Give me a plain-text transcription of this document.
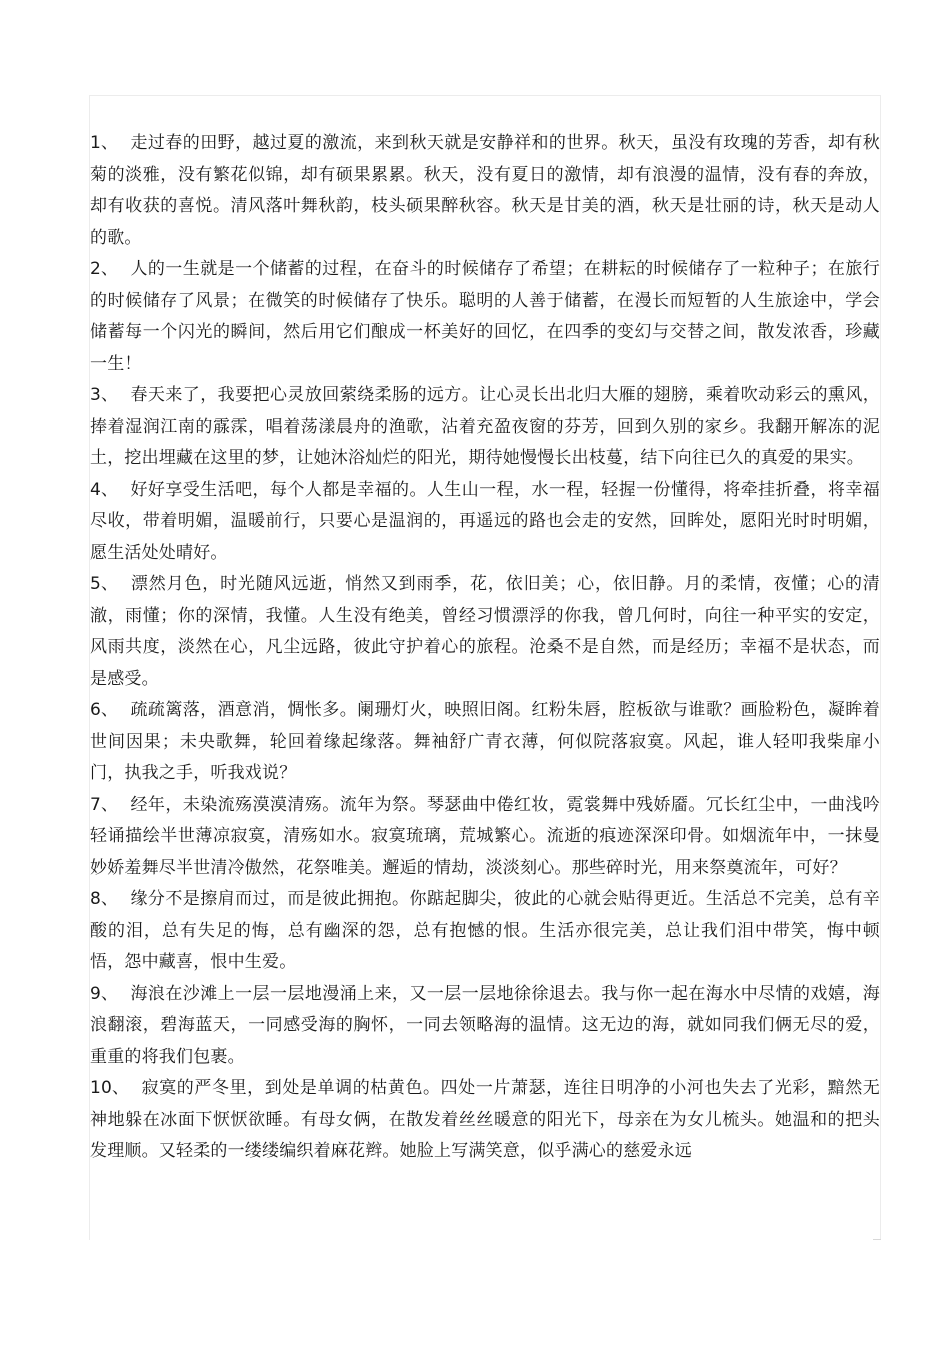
1、 走过春的田野，越过夏的激流，来到秋天就是安静祥和的世界。秋天，虽没有玫瑰的芳香，却有秋菊的淡雅，没有繁花似锦，却有硕果累累。秋天，没有夏日的激情，却有浪漫的温情，没有春的奔放，却有收获的喜悦。清风落叶舞秋韵，枝头硕果醉秋容。秋天是甘美的酒，秋天是壮丽的诗，秋天是动人的歌。

2、 人的一生就是一个储蓄的过程，在奋斗的时候储存了希望；在耕耘的时候储存了一粒种子；在旅行的时候储存了风景；在微笑的时候储存了快乐。聪明的人善于储蓄，在漫长而短暂的人生旅途中，学会储蓄每一个闪光的瞬间，然后用它们酿成一杯美好的回忆，在四季的变幻与交替之间，散发浓香，珍藏一生！

3、 春天来了，我要把心灵放回萦绕柔肠的远方。让心灵长出北归大雁的翅膀，乘着吹动彩云的熏风，捧着湿润江南的霡霂，唱着荡漾晨舟的渔歌，沾着充盈夜窗的芬芳，回到久别的家乡。我翻开解冻的泥土，挖出埋藏在这里的梦，让她沐浴灿烂的阳光，期待她慢慢长出枝蔓，结下向往已久的真爱的果实。

4、 好好享受生活吧，每个人都是幸福的。人生山一程，水一程，轻握一份懂得，将牵挂折叠，将幸福尽收，带着明媚，温暖前行，只要心是温润的，再遥远的路也会走的安然，回眸处，愿阳光时时明媚，愿生活处处晴好。

5、 漂然月色，时光随风远逝，悄然又到雨季，花，依旧美；心，依旧静。月的柔情，夜懂；心的清澈，雨懂；你的深情，我懂。人生没有绝美，曾经习惯漂浮的你我，曾几何时，向往一种平实的安定，风雨共度，淡然在心，凡尘远路，彼此守护着心的旅程。沧桑不是自然，而是经历；幸福不是状态，而是感受。

6、 疏疏篱落，酒意消，惆怅多。阑珊灯火，映照旧阁。红粉朱唇，腔板欲与谁歌？画脸粉色，凝眸着世间因果；未央歌舞，轮回着缘起缘落。舞袖舒广青衣薄，何似院落寂寞。风起，谁人轻叩我柴扉小门，执我之手，听我戏说？

7、 经年，未染流殇漠漠清殇。流年为祭。琴瑟曲中倦红妆，霓裳舞中残娇靥。冗长红尘中，一曲浅吟轻诵描绘半世薄凉寂寞，清殇如水。寂寞琉璃，荒城繁心。流逝的痕迹深深印骨。如烟流年中，一抹曼妙娇羞舞尽半世清冷傲然，花祭唯美。邂逅的情劫，淡淡刻心。那些碎时光，用来祭奠流年，可好？

8、 缘分不是擦肩而过，而是彼此拥抱。你踮起脚尖，彼此的心就会贴得更近。生活总不完美，总有辛酸的泪，总有失足的悔，总有幽深的怨，总有抱憾的恨。生活亦很完美，总让我们泪中带笑，悔中顿悟，怨中藏喜，恨中生爱。

9、 海浪在沙滩上一层一层地漫涌上来，又一层一层地徐徐退去。我与你一起在海水中尽情的戏嬉，海浪翻滚，碧海蓝天，一同感受海的胸怀，一同去领略海的温情。这无边的海，就如同我们俩无尽的爱，重重的将我们包裹。

10、 寂寞的严冬里，到处是单调的枯黄色。四处一片萧瑟，连往日明净的小河也失去了光彩，黯然无神地躲在冰面下恹恹欲睡。有母女俩，在散发着丝丝暖意的阳光下，母亲在为女儿梳头。她温和的把头发理顺。又轻柔的一缕缕编织着麻花辫。她脸上写满笑意，似乎满心的慈爱永远
